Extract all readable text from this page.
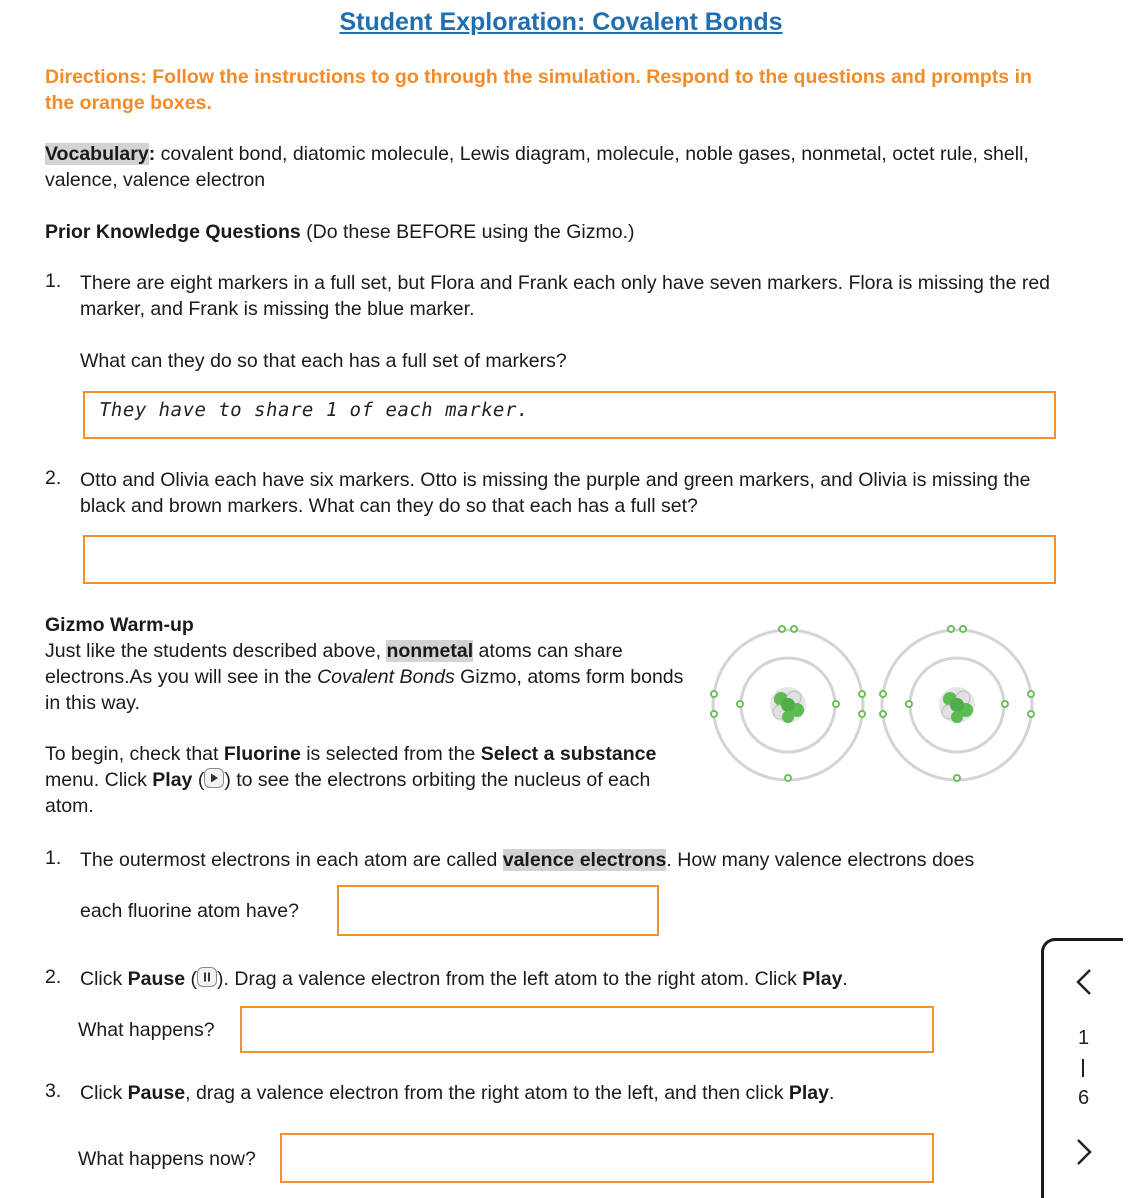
Student Exploration: Covalent Bonds
Directions: Follow the instructions to go through the simulation. Respond to the questions and prompts in the orange boxes.
Vocabulary: covalent bond, diatomic molecule, Lewis diagram, molecule, noble gases, nonmetal, octet rule, shell, valence, valence electron
Prior Knowledge Questions (Do these BEFORE using the Gizmo.)
1. There are eight markers in a full set, but Flora and Frank each only have seven markers. Flora is missing the red marker, and Frank is missing the blue marker.
What can they do so that each has a full set of markers?
They have to share 1 of each marker.
2. Otto and Olivia each have six markers. Otto is missing the purple and green markers, and Olivia is missing the black and brown markers. What can they do so that each has a full set?
Gizmo Warm-up
Just like the students described above, nonmetal atoms can share electrons.As you will see in the Covalent Bonds Gizmo, atoms form bonds in this way.
To begin, check that Fluorine is selected from the Select a substance menu. Click Play ( ) to see the electrons orbiting the nucleus of each atom.
1. The outermost electrons in each atom are called valence electrons. How many valence electrons does
each fluorine atom have?
2. Click Pause ( ). Drag a valence electron from the left atom to the right atom. Click Play.
What happens?
3. Click Pause, drag a valence electron from the right atom to the left, and then click Play.
What happens now?
1
6
